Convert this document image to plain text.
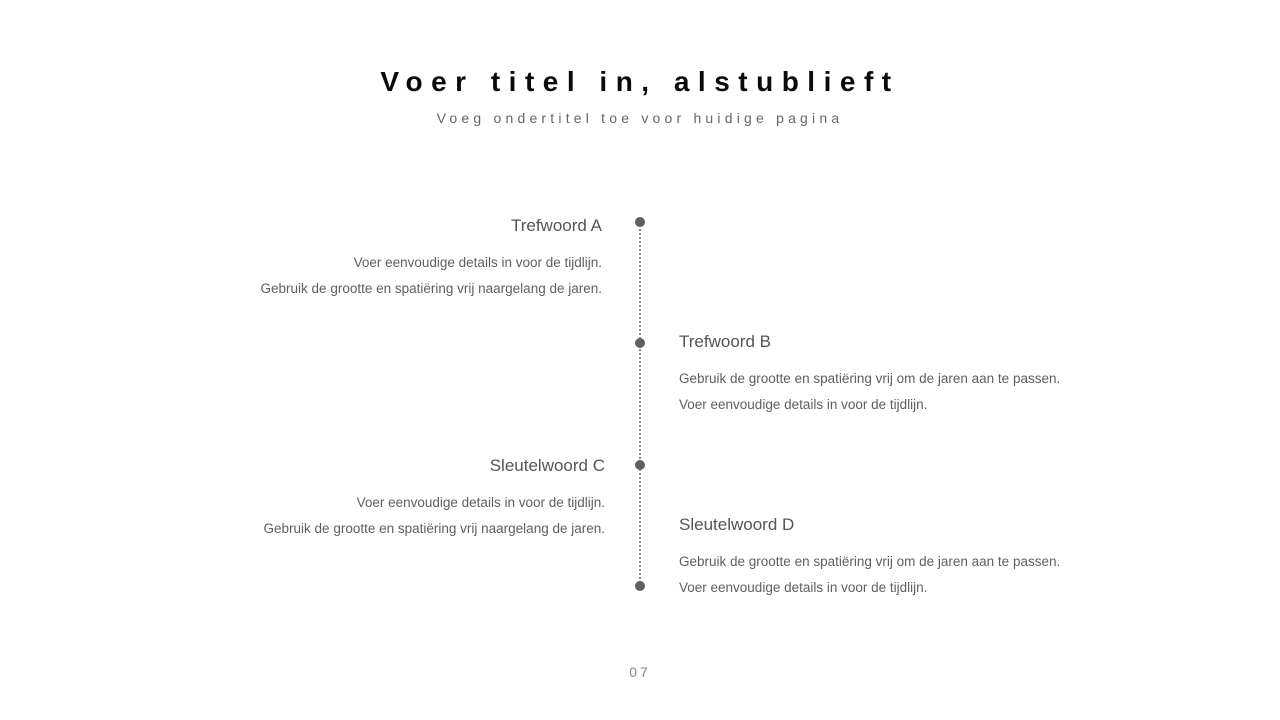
Voer titel in, alstublieft
Voeg ondertitel toe voor huidige pagina
Trefwoord A
Voer eenvoudige details in voor de tijdlijn.
Gebruik de grootte en spatiëring vrij naargelang de jaren.
Trefwoord B
Gebruik de grootte en spatiëring vrij om de jaren aan te passen.
Voer eenvoudige details in voor de tijdlijn.
Sleutelwoord C
Voer eenvoudige details in voor de tijdlijn.
Gebruik de grootte en spatiëring vrij naargelang de jaren.	Sleutelwoord D
Gebruik de grootte en spatiëring vrij om de jaren aan te passen.
Voer eenvoudige details in voor de tijdlijn.
07
